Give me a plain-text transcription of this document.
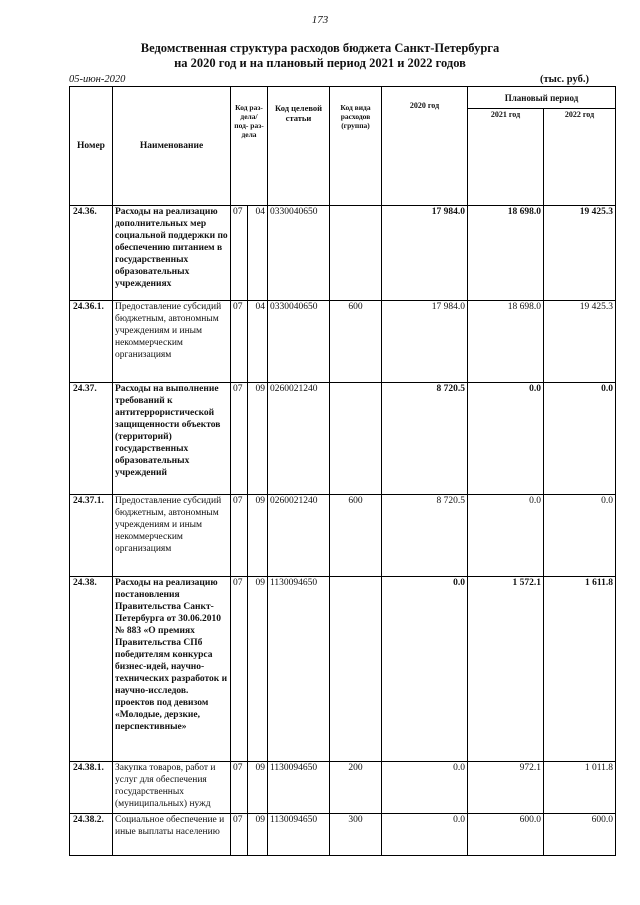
173
Ведомственная структура расходов бюджета Санкт-Петербурга
на 2020 год и на плановый период 2021 и 2022 годов
05-июн-2020	(тыс. руб.)
Номер	Наименование	Код раз- дела/ под- раз- дела		Код целевой статьи	Код вида расходов (группа)	2020 год	Плановый период	
							2021 год	2022 год
24.36.	Расходы на реализацию дополнительных мер социальной поддержки по обеспечению питанием в государственных образовательных учреждениях	07	04	0330040650		17 984.0	18 698.0	19 425.3
24.36.1.	Предоставление субсидий бюджетным, автономным учреждениям и иным некоммерческим организациям	07	04	0330040650	600	17 984.0	18 698.0	19 425.3
24.37.	Расходы на выполнение требований к антитеррористической защищенности объектов (территорий) государственных образовательных учреждений	07	09	0260021240		8 720.5	0.0	0.0
24.37.1.	Предоставление субсидий бюджетным, автономным учреждениям и иным некоммерческим организациям	07	09	0260021240	600	8 720.5	0.0	0.0
24.38.	Расходы на реализацию постановления Правительства Санкт-Петербурга от 30.06.2010 № 883 «О премиях Правительства СПб победителям конкурса бизнес-идей, научно-технических разработок и научно-исследов. проектов под девизом «Молодые, дерзкие, перспективные»	07	09	1130094650		0.0	1 572.1	1 611.8
24.38.1.	Закупка товаров, работ и услуг для обеспечения государственных (муниципальных) нужд	07	09	1130094650	200	0.0	972.1	1 011.8
24.38.2.	Социальное обеспечение и иные выплаты населению	07	09	1130094650	300	0.0	600.0	600.0
